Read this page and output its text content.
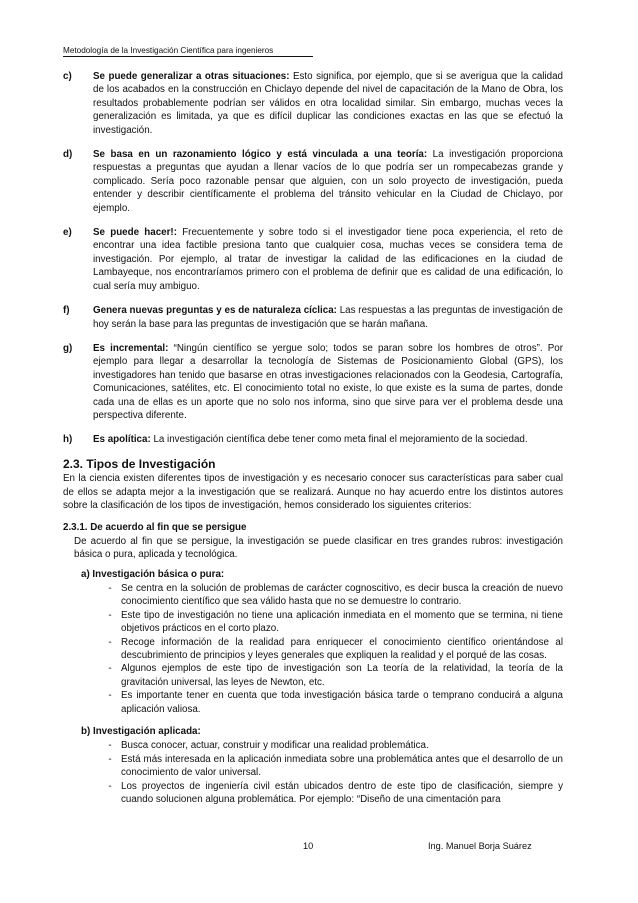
Metodología de la Investigación Científica para ingenieros
c)	Se puede generalizar a otras situaciones: Esto significa, por ejemplo, que si se averigua que la calidad de los acabados en la construcción en Chiclayo depende del nivel de capacitación de la Mano de Obra, los resultados probablemente podrían ser válidos en otra localidad similar. Sin embargo, muchas veces la generalización es limitada, ya que es difícil duplicar las condiciones exactas en las que se efectuó la investigación.
d)	Se basa en un razonamiento lógico y está vinculada a una teoría: La investigación proporciona respuestas a preguntas que ayudan a llenar vacíos de lo que podría ser un rompecabezas grande y complicado. Sería poco razonable pensar que alguien, con un solo proyecto de investigación, pueda entender y describir científicamente el problema del tránsito vehicular en la Ciudad de Chiclayo, por ejemplo.
e)	Se puede hacer!: Frecuentemente y sobre todo si el investigador tiene poca experiencia, el reto de encontrar una idea factible presiona tanto que cualquier cosa, muchas veces se considera tema de investigación. Por ejemplo, al tratar de investigar la calidad de las edificaciones en la ciudad de Lambayeque, nos encontraríamos primero con el problema de definir que es calidad de una edificación, lo cual sería muy ambiguo.
f)	Genera nuevas preguntas y es de naturaleza cíclica: Las respuestas a las preguntas de investigación de hoy serán la base para las preguntas de investigación que se harán mañana.
g)	Es incremental: “Ningún científico se yergue solo; todos se paran sobre los hombres de otros”. Por ejemplo para llegar a desarrollar la tecnología de Sistemas de Posicionamiento Global (GPS), los investigadores han tenido que basarse en otras investigaciones relacionados con la Geodesia, Cartografía, Comunicaciones, satélites, etc. El conocimiento total no existe, lo que existe es la suma de partes, donde cada una de ellas es un aporte que no solo nos informa, sino que sirve para ver el problema desde una perspectiva diferente.
h)	Es apolítica: La investigación científica debe tener como meta final el mejoramiento de la sociedad.
2.3. Tipos de Investigación
En la ciencia existen diferentes tipos de investigación y es necesario conocer sus características para saber cual de ellos se adapta mejor a la investigación que se realizará. Aunque no hay acuerdo entre los distintos autores sobre la clasificación de los tipos de investigación, hemos considerado los siguientes criterios:
2.3.1. De acuerdo al fin que se persigue
De acuerdo al fin que se persigue, la investigación se puede clasificar en tres grandes rubros: investigación básica o pura, aplicada y tecnológica.
a) Investigación básica o pura:
- Se centra en la solución de problemas de carácter cognoscitivo, es decir busca la creación de nuevo conocimiento científico que sea válido hasta que no se demuestre lo contrario.
- Este tipo de investigación no tiene una aplicación inmediata en el momento que se termina, ni tiene objetivos prácticos en el corto plazo.
- Recoge información de la realidad para enriquecer el conocimiento científico orientándose al descubrimiento de principios y leyes generales que expliquen la realidad y el porqué de las cosas.
- Algunos ejemplos de este tipo de investigación son La teoría de la relatividad, la teoría de la gravitación universal, las leyes de Newton, etc.
- Es importante tener en cuenta que toda investigación básica tarde o temprano conducirá a alguna aplicación valiosa.
b) Investigación aplicada:
- Busca conocer, actuar, construir y modificar una realidad problemática.
- Está más interesada en la aplicación inmediata sobre una problemática antes que el desarrollo de un conocimiento de valor universal.
- Los proyectos de ingeniería civil están ubicados dentro de este tipo de clasificación, siempre y cuando solucionen alguna problemática. Por ejemplo: “Diseño de una cimentación para
10	Ing. Manuel Borja Suárez
